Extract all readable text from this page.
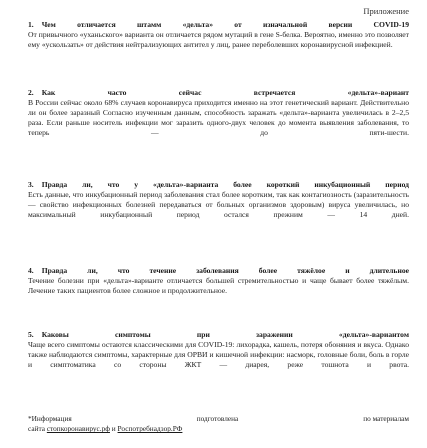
Приложение
1. Чем отличается штамм «дельта» от изначальной версии COVID-19
От привычного «уханьского» варианта он отличается рядом мутаций в гене S-белка. Вероятно, именно это позволяет ему «ускользать» от действия нейтрализующих антител у лиц, ранее переболевших коронавирусной инфекцией.
2. Как часто сейчас встречается «дельта»-вариант
В России сейчас около 68% случаев коронавируса приходится именно на этот генетический вариант. Действительно ли он более заразный Согласно изученным данным, способность заражать «дельта»-варианта увеличилась в 2–2,5 раза. Если раньше носитель инфекции мог заразить одного-двух человек до момента выявления заболевания, то теперь — до пяти-шести.
3. Правда ли, что у «дельта»-варианта более короткий инкубационный период
Есть данные, что инкубационный период заболевания стал более коротким, так как контагиозность (заразительность — свойство инфекционных болезней передаваться от больных организмов здоровым) вируса увеличилась, но максимальный инкубационный период остался прежним — 14 дней.
4. Правда ли, что течение заболевания более тяжёлое и длительное
Течение болезни при «дельта»-варианте отличается большей стремительностью и чаще бывает более тяжёлым. Лечение таких пациентов более сложное и продолжительное.
5. Каковы симптомы при заражении «дельта»-вариантом
Чаще всего симптомы остаются классическими для COVID-19: лихорадка, кашель, потеря обоняния и вкуса. Однако также наблюдаются симптомы, характерные для ОРВИ и кишечной инфекции: насморк, головные боли, боль в горле и симптоматика со стороны ЖКТ — диарея, реже тошнота и рвота.
*Информация	подготовлена	по материалам
сайта стопкоронавирус.рф и Роспотребнадзор.РФ
